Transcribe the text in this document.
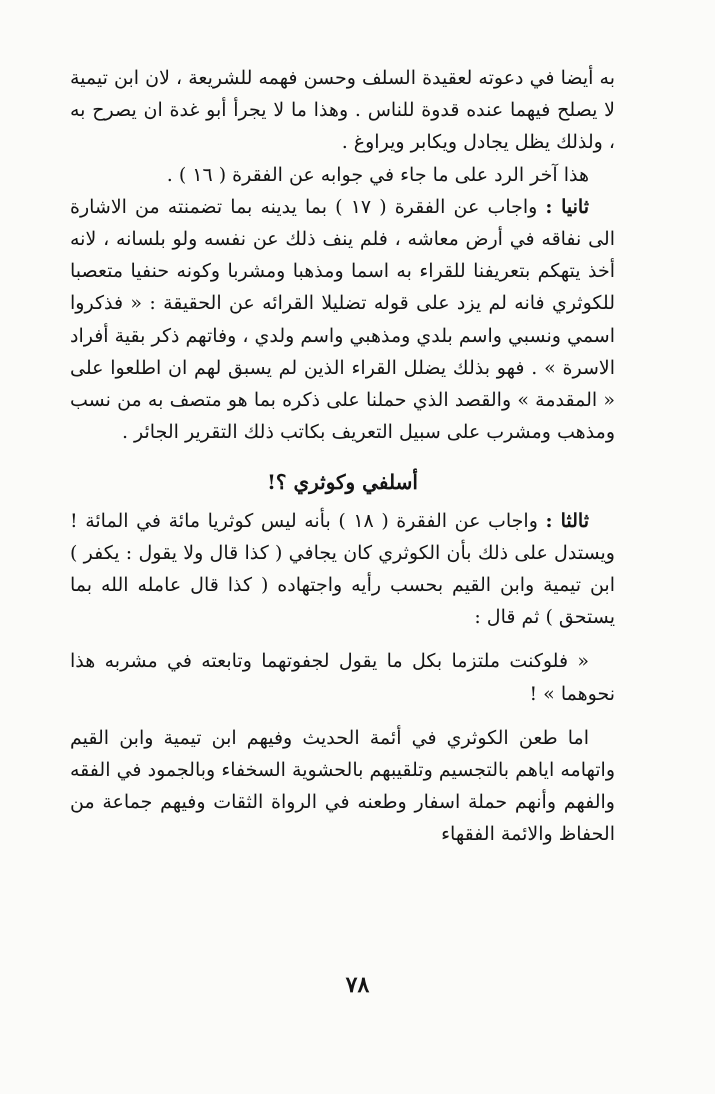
به أيضا في دعوته لعقيدة السلف وحسن فهمه للشريعة ، لان ابن تيمية لا يصلح فيهما عنده قدوة للناس . وهذا ما لا يجرأ أبو غدة ان يصرح به ، ولذلك يظل يجادل ويكابر ويراوغ .

هذا آخر الرد على ما جاء في جوابه عن الفقرة ( ١٦ ) .

ثانيا : واجاب عن الفقرة ( ١٧ ) بما يدينه بما تضمنته من الاشارة الى نفاقه في أرض معاشه ، فلم ينف ذلك عن نفسه ولو بلسانه ، لانه أخذ يتهكم بتعريفنا للقراء به اسما ومذهبا ومشربا وكونه حنفيا متعصبا للكوثري فانه لم يزد على قوله تضليلا القرائه عن الحقيقة : « فذكروا اسمي ونسبي واسم بلدي ومذهبي واسم ولدي ، وفاتهم ذكر بقية أفراد الاسرة » . فهو بذلك يضلل القراء الذين لم يسبق لهم ان اطلعوا على « المقدمة » والقصد الذي حملنا على ذكره بما هو متصف به من نسب ومذهب ومشرب على سبيل التعريف بكاتب ذلك التقرير الجائر .

أسلفي وكوثري ؟!

ثالثا : واجاب عن الفقرة ( ١٨ ) بأنه ليس كوثريا مائة في المائة ! ويستدل على ذلك بأن الكوثري كان يجافي ( كذا قال ولا يقول : يكفر ) ابن تيمية وابن القيم بحسب رأيه واجتهاده ( كذا قال عامله الله بما يستحق ) ثم قال :

« فلوكنت ملتزما بكل ما يقول لجفوتهما وتابعته في مشربه هذا نحوهما » !

اما طعن الكوثري في أئمة الحديث وفيهم ابن تيمية وابن القيم واتهامه اياهم بالتجسيم وتلقيبهم بالحشوية السخفاء وبالجمود في الفقه والفهم وأنهم حملة اسفار وطعنه في الرواة الثقات وفيهم جماعة من الحفاظ والائمة الفقهاء

٧٨
